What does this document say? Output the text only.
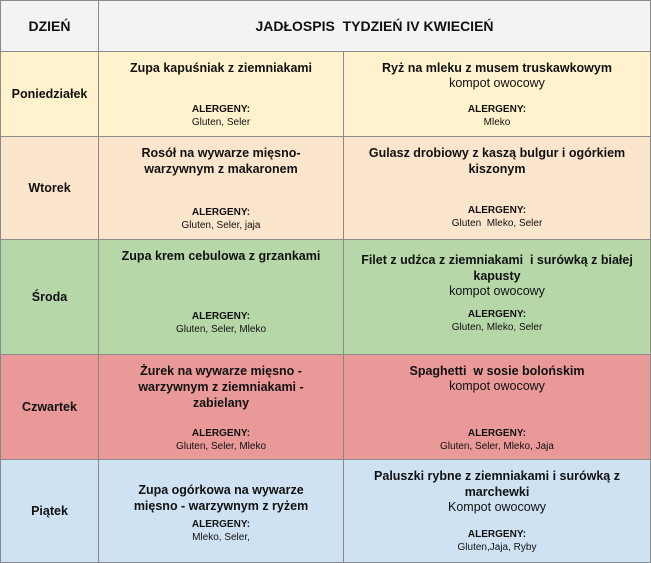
DZIEŃ	JADŁOSPIS  TYDZIEŃ IV KWIECIEŃ
Poniedziałek
Zupa kapuśniak z ziemniakami
ALERGENY:
Gluten, Seler
Ryż na mleku z musem truskawkowym
kompot owocowy
ALERGENY:
Mleko
Wtorek
Rosół na wywarze mięsno-warzywnym z makaronem
ALERGENY:
Gluten, Seler, jaja
Gulasz drobiowy z kaszą bulgur i ogórkiem kiszonym
ALERGENY:
Gluten  Mleko, Seler
Środa
Zupa krem cebulowa z grzankami
ALERGENY:
Gluten, Seler, Mleko
Filet z udźca z ziemniakami  i surówką z białej kapusty
kompot owocowy
ALERGENY:
Gluten, Mleko, Seler
Czwartek
Żurek na wywarze mięsno - warzywnym z ziemniakami - zabielany
ALERGENY:
Gluten, Seler, Mleko
Spaghetti  w sosie bolońskim
kompot owocowy
ALERGENY:
Gluten, Seler, Mleko, Jaja
Piątek
Zupa ogórkowa na wywarze mięsno - warzywnym z ryżem
ALERGENY:
Mleko, Seler,
Paluszki rybne z ziemniakami i surówką z marchewki
Kompot owocowy
ALERGENY:
Gluten,Jaja, Ryby
